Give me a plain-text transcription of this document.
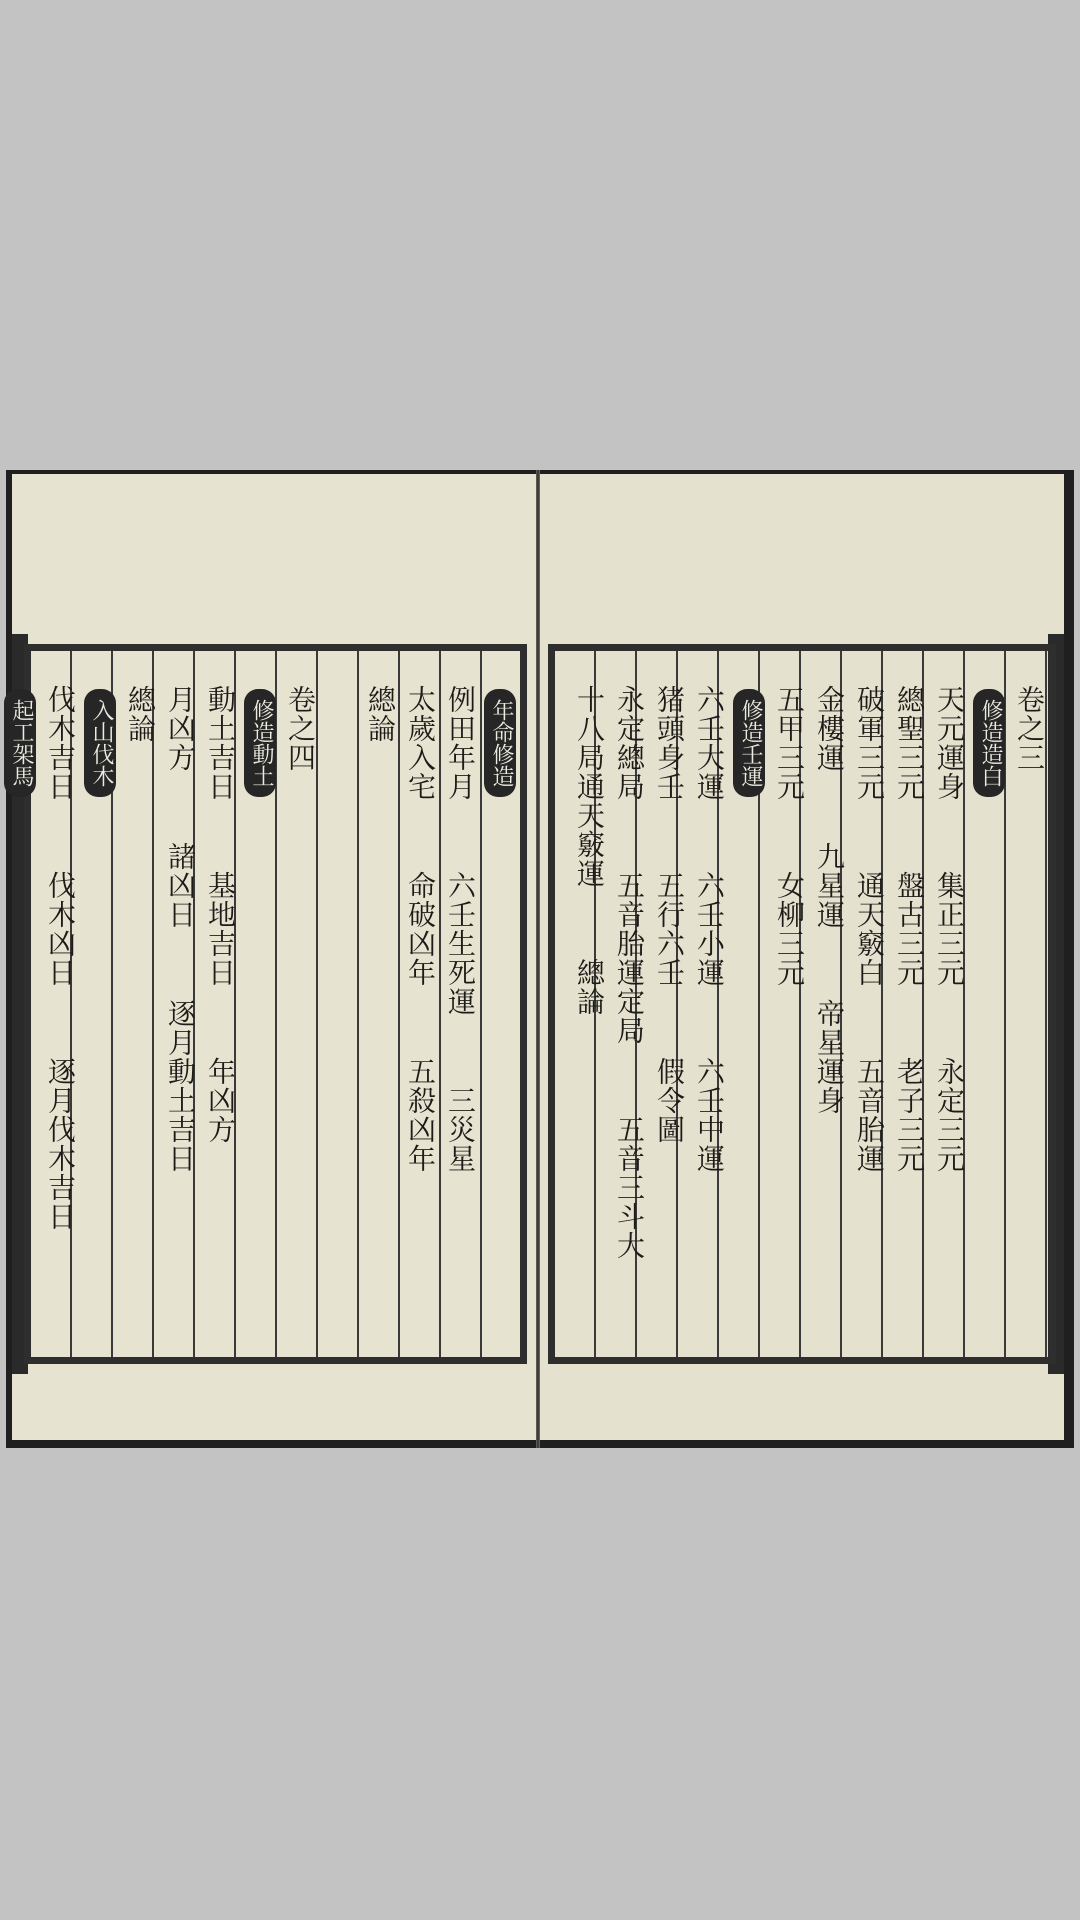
年命修造
例田年月
六壬生死運
三災星
太歲入宅
命破凶年
五殺凶年
總論
卷之四
修造動土
動土吉日
基地吉日
年凶方
月凶方
諸凶日
逐月動土吉日
總論
入山伐木
伐木吉日
伐木凶日
逐月伐木吉日
起工架馬	卷之三
修造造白
天元運身
集正三元
永定三元
總聖三元
盤古三元
老子三元
破軍三元
通天竅白
五音胎運
金樓運
九星運
帝星運身
五甲三元
女柳三元
修造壬運
六壬大運
六壬小運
六壬中運
猪頭身壬
五行六壬
假令圖
永定總局
五音胎運定局
五音三斗大
十八局通天竅運
總論
